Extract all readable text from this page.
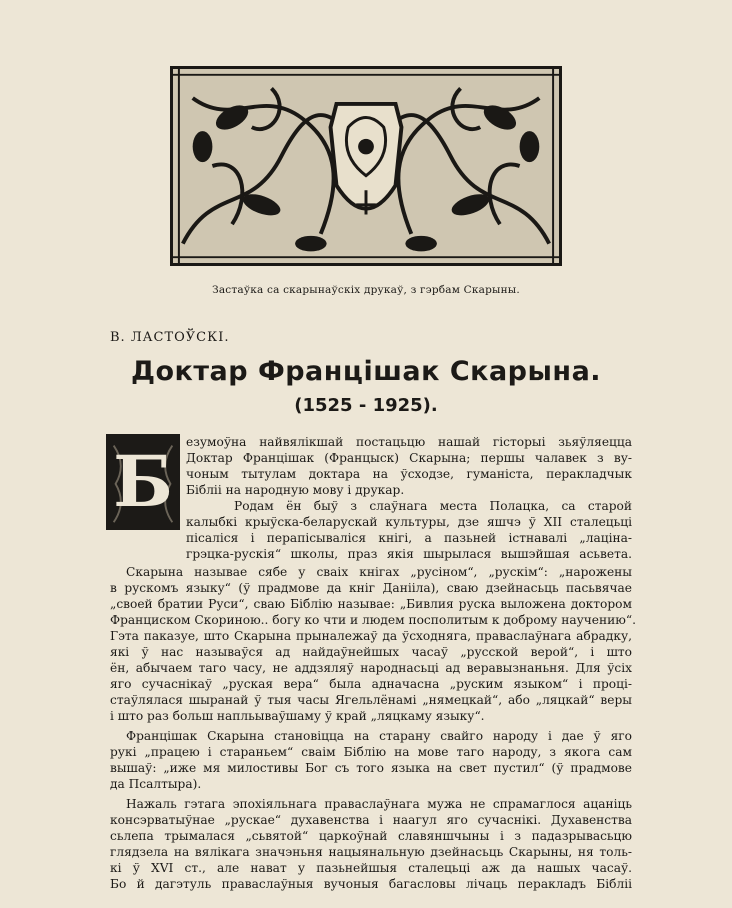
Застаўка са скарынаўскіх друкаў, з гэрбам Скарыны.
В. ЛАСТОЎСКІ.
Доктар Францішак Скарына.
(1525 - 1925).
Б	езумоўна найвялікшай постацьцю нашай гісторыі зьяўляецца
Доктар Францішак (Францыск) Скарына; першы чалавек з ву-
чоным тытулам доктара на ўсходзе, гуманіста, перакладчык
Бібліі на народную мову і друкар.
Родам ён быў з слаўнага места Полацка, са старой
калыбкі крыўска-беларускай культуры, дзе яшчэ ў XII сталецьці
пісаліся і перапісываліся кнігі, а пазьней істнавалі „лаціна-
грэцка-рускія“ школы, праз якія шырылася вышэйшая асьвета.
Скарына называе сябе у сваіх кнігах „русіном“, „рускім“: „нарожены
в рускомъ языку“ (ў прадмове да кніг Данііла), сваю дзейнасьць пасьвячае
„своей братии Руси“, сваю Біблію называе: „Бивлия руска выложена доктором
Франциском Скориною.. богу ко чти и людем посполитым к доброму научению“.
Гэта паказуе, што Скарына прыналежаў да ўсходняга, праваслаўнага абрадку,
які ў нас называўся ад найдаўнейшых часаў „русской верой“, і што
ён, абычаем таго часу, не аддзяляў народнасьці ад веравызнаньня. Для ўсіх
яго сучаснікаў „руская вера“ была адначасна „руским языком“ і процi-
стаўлялася шыранай ў тыя часы Ягельлёнамі „нямецкай“, або „ляцкай“ веры
і што раз больш напльываўшаму ў край „ляцкаму языку“.
Францішак Скарына становіцца на старану свайго народу і дае ў яго
рукі „працею і стараньем“ сваім Біблію на мове таго народу, з якога сам
вышаў: „иже мя милостивы Бог съ того языка на свет пустил“ (ў прадмове
да Псалтыра).
Нажаль гэтага эпохіяльнага праваслаўнага мужа не спрамаглося ацаніць
консэрватыўнае „рускае“ духавенства і наагул яго сучаснікі. Духавенства
сьлепа трымалася „сьвятой“ царкоўнай славяншчыны і з падазрывасьцю
глядзела на вялікага значэньня нацыянальную дзейнасьць Скарыны, ня толь-
кі ў XVI ст., але нават у пазьнейшыя сталецьці аж да нашых часаў.
Бо й дагэтуль праваслаўныя вучоныя багасловы лічаць перакладъ Бібліі
